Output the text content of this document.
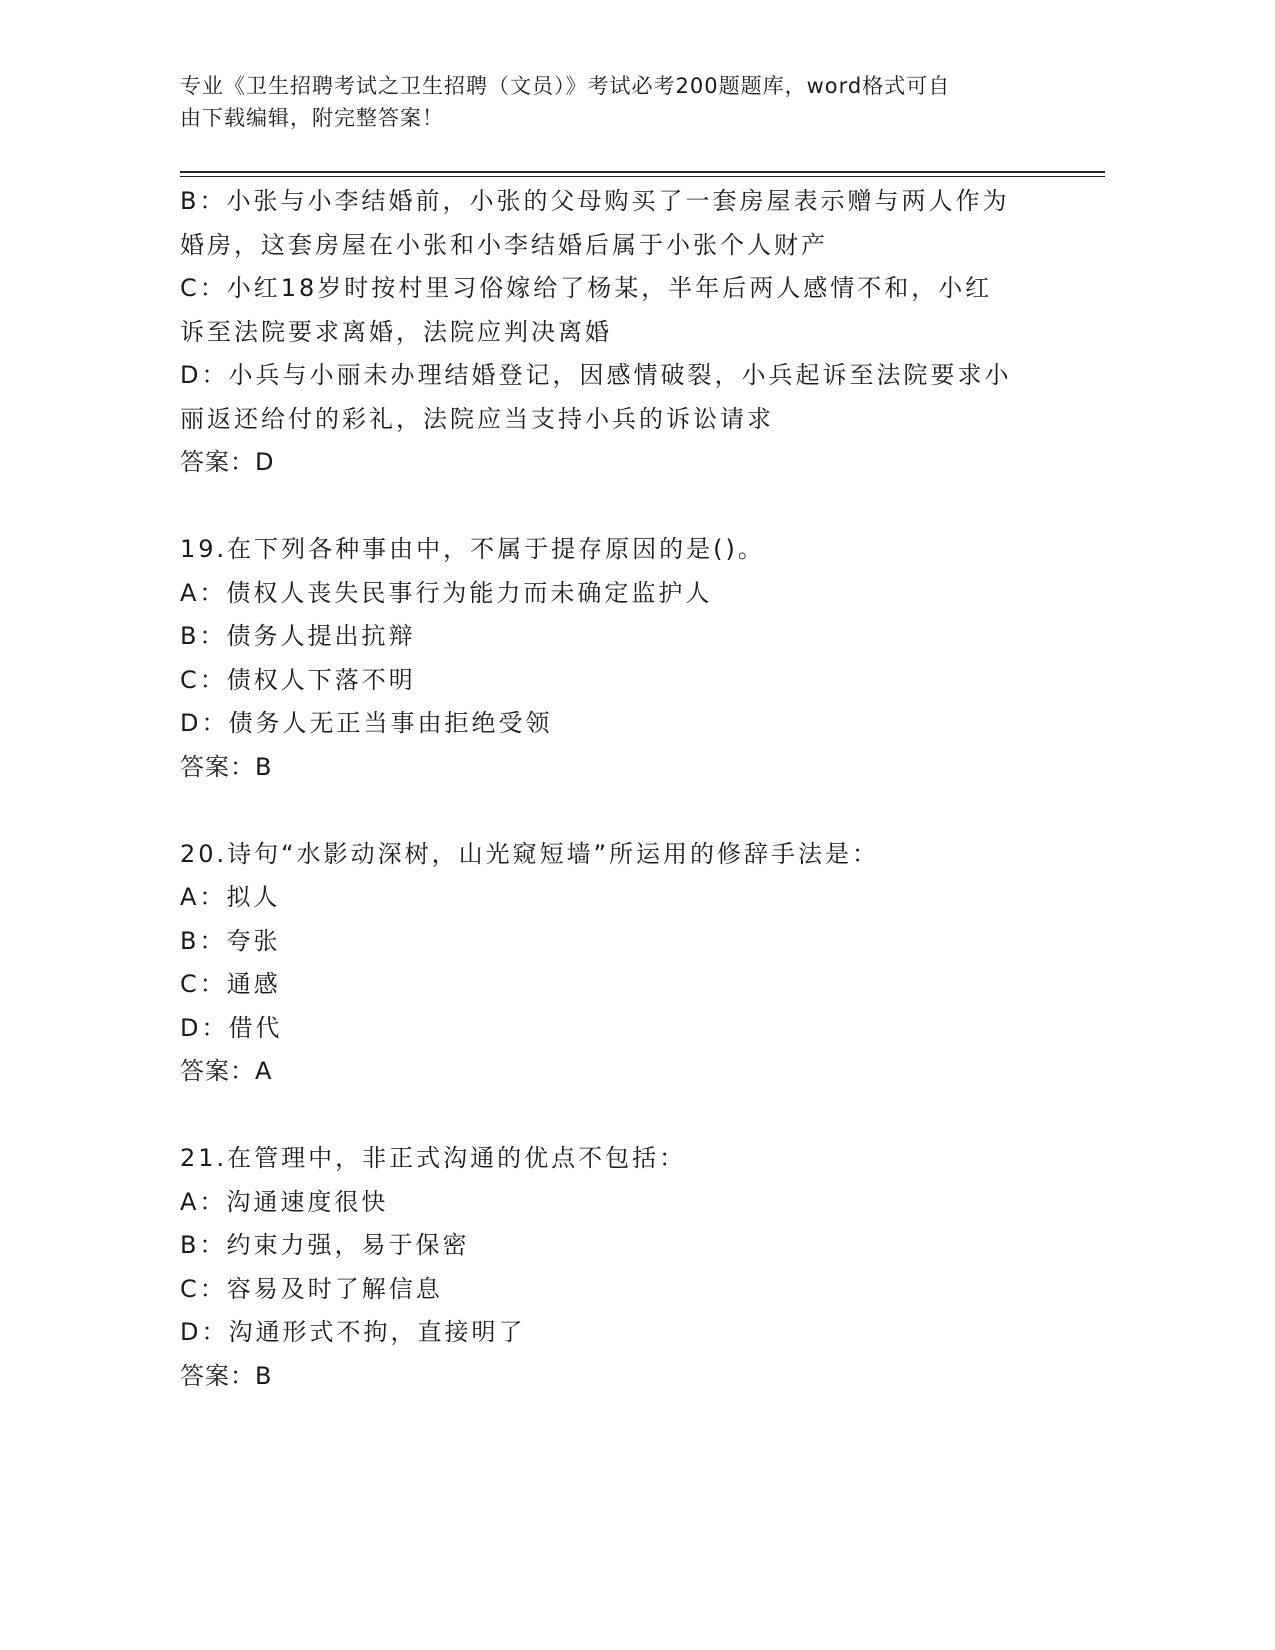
专业《卫生招聘考试之卫生招聘（文员）》考试必考200题题库，word格式可自
由下载编辑，附完整答案！
B：小张与小李结婚前，小张的父母购买了一套房屋表示赠与两人作为
婚房，这套房屋在小张和小李结婚后属于小张个人财产
C：小红18岁时按村里习俗嫁给了杨某，半年后两人感情不和，小红
诉至法院要求离婚，法院应判决离婚
D：小兵与小丽未办理结婚登记，因感情破裂，小兵起诉至法院要求小
丽返还给付的彩礼，法院应当支持小兵的诉讼请求
答案：D
19.在下列各种事由中，不属于提存原因的是()。
A：债权人丧失民事行为能力而未确定监护人
B：债务人提出抗辩
C：债权人下落不明
D：债务人无正当事由拒绝受领
答案：B
20.诗句“水影动深树，山光窥短墙”所运用的修辞手法是：
A：拟人
B：夸张
C：通感
D：借代
答案：A
21.在管理中，非正式沟通的优点不包括：
A：沟通速度很快
B：约束力强，易于保密
C：容易及时了解信息
D：沟通形式不拘，直接明了
答案：B
